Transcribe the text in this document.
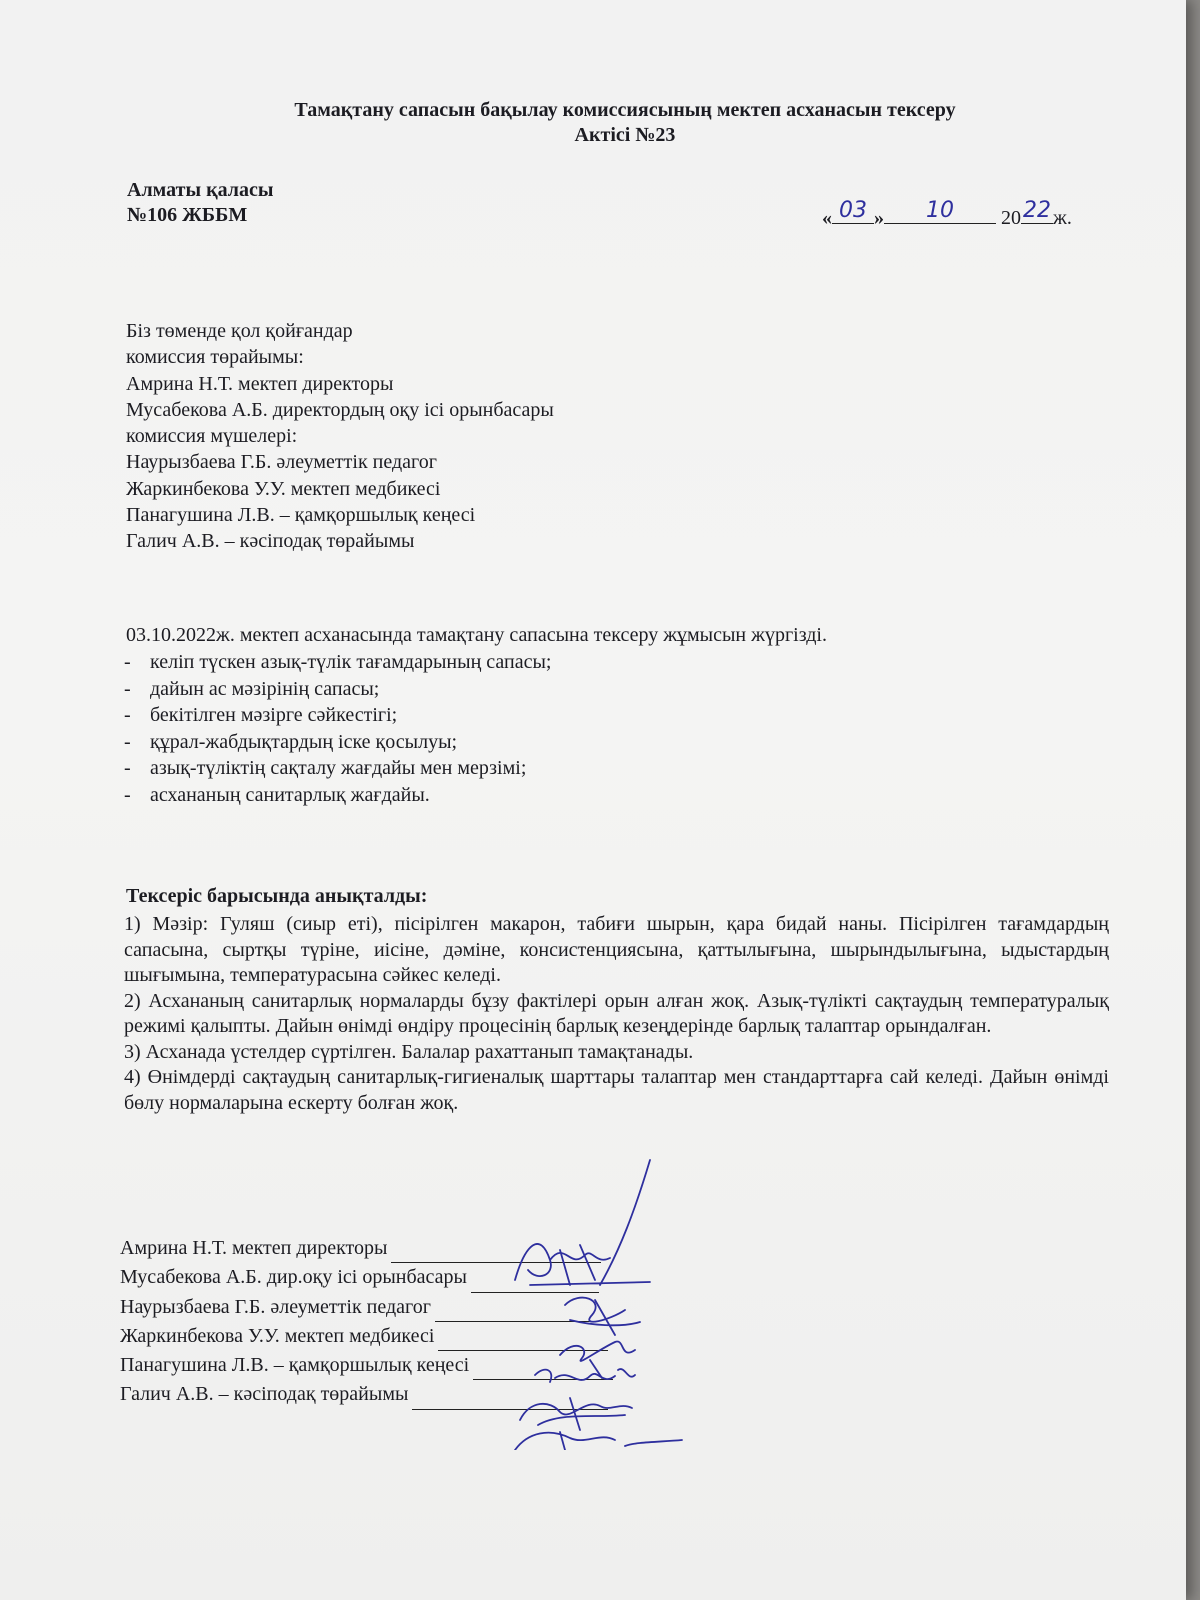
Тамақтану сапасын бақылау комиссиясының мектеп асханасын тексеру
Актісі №23
Алматы қаласы
№106 ЖББМ	« 03 »	10	20 22 ж.
Біз төменде қол қойғандар
комиссия төрайымы:
Амрина Н.Т. мектеп директоры
Мусабекова А.Б. директордың оқу ісі орынбасары
комиссия мүшелері:
Наурызбаева Г.Б. әлеуметтік педагог
Жаркинбекова У.У. мектеп медбикесі
Панагушина Л.В. – қамқоршылық кеңесі
Галич А.В. – кәсіподақ төрайымы
03.10.2022ж. мектеп асханасында тамақтану сапасына тексеру жұмысын жүргізді.
- келіп түскен азық-түлік тағамдарының сапасы;
- дайын ас мәзірінің сапасы;
- бекітілген мәзірге сәйкестігі;
- құрал-жабдықтардың іске қосылуы;
- азық-түліктің сақталу жағдайы мен мерзімі;
- асхананың санитарлық жағдайы.
Тексеріс барысында анықталды:

1) Мәзір: Гуляш (сиыр еті), пісірілген макарон, табиғи шырын, қара бидай наны. Пісірілген тағамдардың сапасына, сыртқы түріне, иісіне, дәміне, консистенциясына, қаттылығына, шырындылығына, ыдыстардың шығымына, температурасына сәйкес келеді.

2) Асхананың санитарлық нормаларды бұзу фактілері орын алған жоқ. Азық-түлікті сақтаудың температуралық режимі қалыпты. Дайын өнімді өндіру процесінің барлық кезеңдерінде барлық талаптар орындалған.

3) Асханада үстелдер сүртілген. Балалар рахаттанып тамақтанады.

4) Өнімдерді сақтаудың санитарлық-гигиеналық шарттары талаптар мен стандарттарға сай келеді. Дайын өнімді бөлу нормаларына ескерту болған жоқ.

Амрина Н.Т. мектеп директоры
Мусабекова А.Б. дир.оқу ісі орынбасары
Наурызбаева Г.Б. әлеуметтік педагог
Жаркинбекова У.У. мектеп медбикесі
Панагушина Л.В. – қамқоршылық кеңесі
Галич А.В. – кәсіподақ төрайымы
